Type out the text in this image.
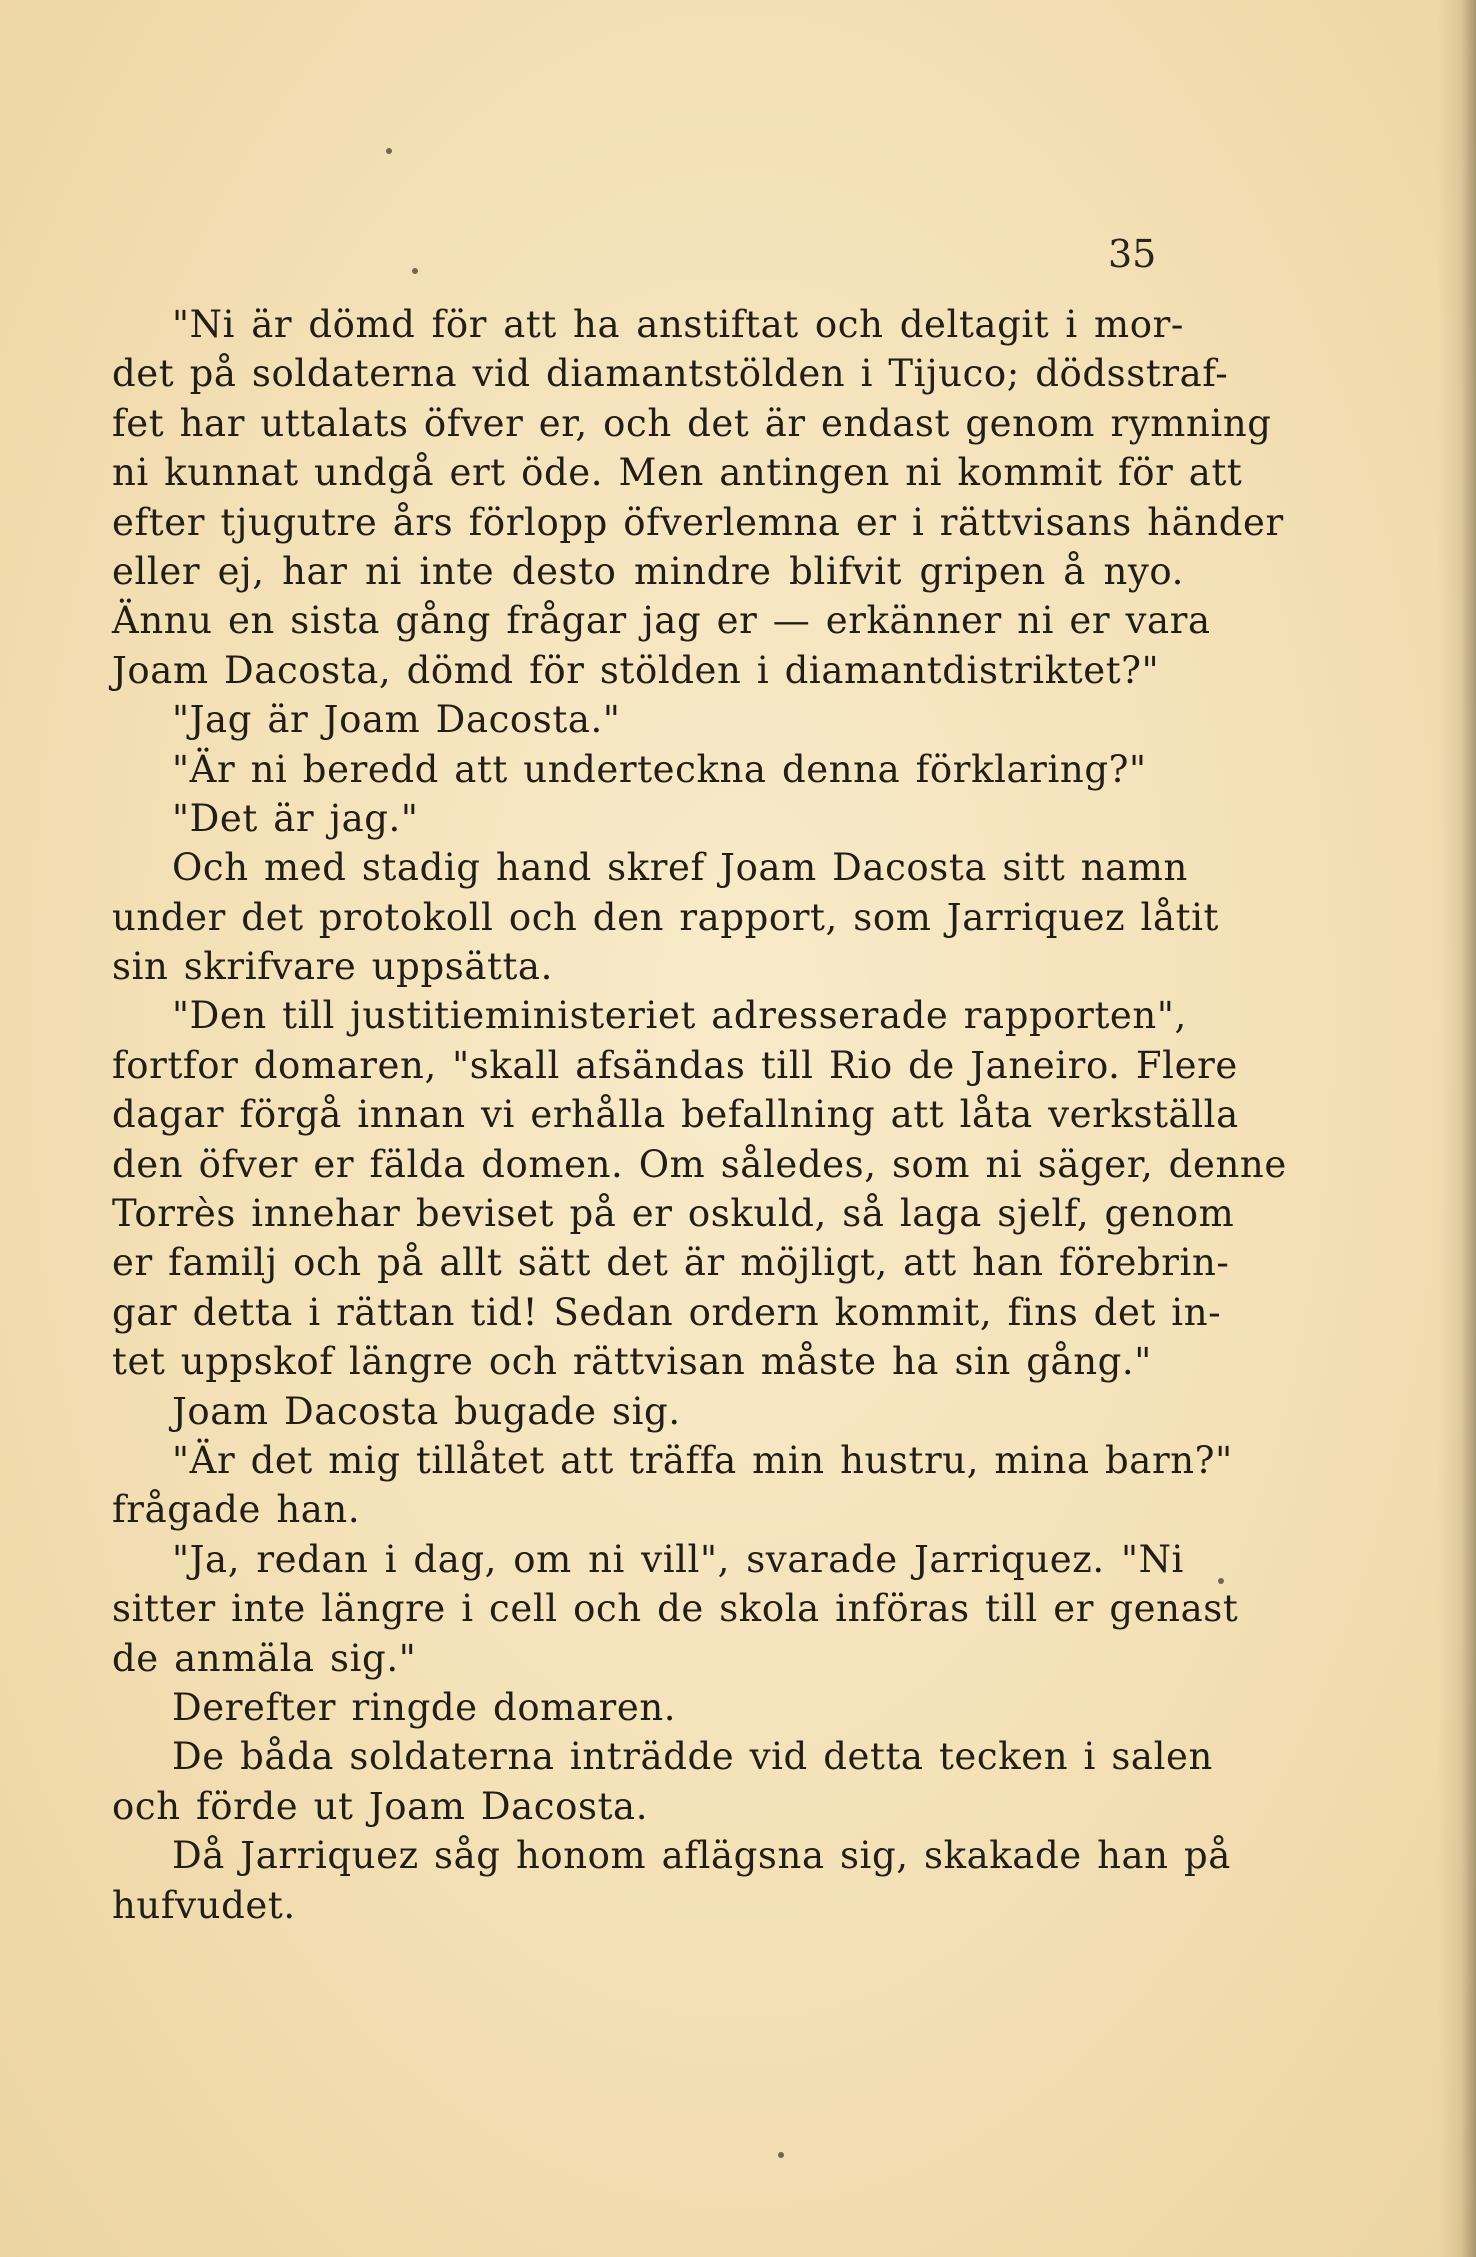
35
"Ni är dömd för att ha anstiftat och deltagit i mor-
det på soldaterna vid diamantstölden i Tijuco; dödsstraf-
fet har uttalats öfver er, och det är endast genom rymning
ni kunnat undgå ert öde. Men antingen ni kommit för att
efter tjugutre års förlopp öfverlemna er i rättvisans händer
eller ej, har ni inte desto mindre blifvit gripen å nyo.
Ännu en sista gång frågar jag er — erkänner ni er vara
Joam Dacosta, dömd för stölden i diamantdistriktet?"
"Jag är Joam Dacosta."
"Är ni beredd att underteckna denna förklaring?"
"Det är jag."
Och med stadig hand skref Joam Dacosta sitt namn
under det protokoll och den rapport, som Jarriquez låtit
sin skrifvare uppsätta.
"Den till justitieministeriet adresserade rapporten",
fortfor domaren, "skall afsändas till Rio de Janeiro. Flere
dagar förgå innan vi erhålla befallning att låta verkställa
den öfver er fälda domen. Om således, som ni säger, denne
Torrès innehar beviset på er oskuld, så laga sjelf, genom
er familj och på allt sätt det är möjligt, att han förebrin-
gar detta i rättan tid! Sedan ordern kommit, fins det in-
tet uppskof längre och rättvisan måste ha sin gång."
Joam Dacosta bugade sig.
"Är det mig tillåtet att träffa min hustru, mina barn?"
frågade han.
"Ja, redan i dag, om ni vill", svarade Jarriquez. "Ni
sitter inte längre i cell och de skola införas till er genast
de anmäla sig."
Derefter ringde domaren.
De båda soldaterna inträdde vid detta tecken i salen
och förde ut Joam Dacosta.
Då Jarriquez såg honom aflägsna sig, skakade han på
hufvudet.
